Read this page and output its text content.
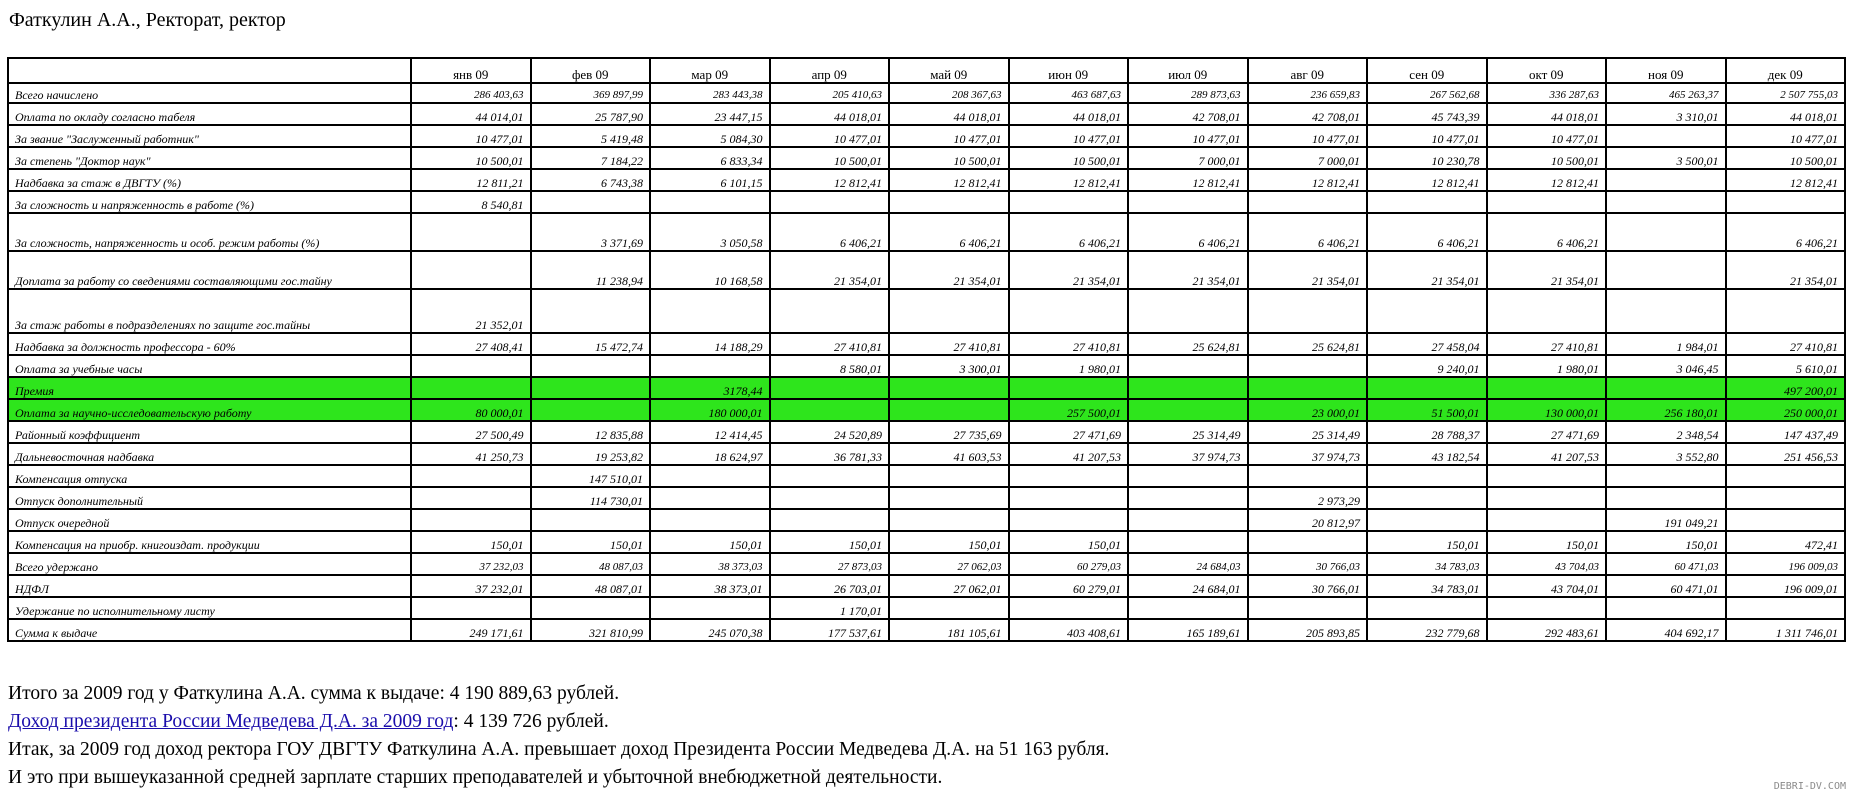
Фаткулин А.А., Ректорат, ректор
	янв 09	фев 09	мар 09	апр 09	май 09	июн 09	июл 09	авг 09	сен 09	окт 09	ноя 09	дек 09
Всего начислено	286 403,63	369 897,99	283 443,38	205 410,63	208 367,63	463 687,63	289 873,63	236 659,83	267 562,68	336 287,63	465 263,37	2 507 755,03
Оплата по окладу согласно табеля	44 014,01	25 787,90	23 447,15	44 018,01	44 018,01	44 018,01	42 708,01	42 708,01	45 743,39	44 018,01	3 310,01	44 018,01
За звание "Заслуженный работник"	10 477,01	5 419,48	5 084,30	10 477,01	10 477,01	10 477,01	10 477,01	10 477,01	10 477,01	10 477,01		10 477,01
За степень "Доктор наук"	10 500,01	7 184,22	6 833,34	10 500,01	10 500,01	10 500,01	7 000,01	7 000,01	10 230,78	10 500,01	3 500,01	10 500,01
Надбавка за стаж в ДВГТУ (%)	12 811,21	6 743,38	6 101,15	12 812,41	12 812,41	12 812,41	12 812,41	12 812,41	12 812,41	12 812,41		12 812,41
За сложность и напряженность в работе (%)	8 540,81											
За сложность, напряженность и особ. режим работы (%)		3 371,69	3 050,58	6 406,21	6 406,21	6 406,21	6 406,21	6 406,21	6 406,21	6 406,21		6 406,21
Доплата за работу со сведениями составляющими гос.тайну		11 238,94	10 168,58	21 354,01	21 354,01	21 354,01	21 354,01	21 354,01	21 354,01	21 354,01		21 354,01
За стаж работы в подразделениях по защите гос.тайны	21 352,01											
Надбавка за должность профессора - 60%	27 408,41	15 472,74	14 188,29	27 410,81	27 410,81	27 410,81	25 624,81	25 624,81	27 458,04	27 410,81	1 984,01	27 410,81
Оплата за учебные часы				8 580,01	3 300,01	1 980,01			9 240,01	1 980,01	3 046,45	5 610,01
Премия			3178,44									497 200,01
Оплата за научно-исследовательскую работу	80 000,01		180 000,01			257 500,01		23 000,01	51 500,01	130 000,01	256 180,01	250 000,01
Районный коэффициент	27 500,49	12 835,88	12 414,45	24 520,89	27 735,69	27 471,69	25 314,49	25 314,49	28 788,37	27 471,69	2 348,54	147 437,49
Дальневосточная надбавка	41 250,73	19 253,82	18 624,97	36 781,33	41 603,53	41 207,53	37 974,73	37 974,73	43 182,54	41 207,53	3 552,80	251 456,53
Компенсация отпуска		147 510,01										
Отпуск дополнительный		114 730,01						2 973,29				
Отпуск очередной								20 812,97			191 049,21	
Компенсация на приобр. книгоиздат. продукции	150,01	150,01	150,01	150,01	150,01	150,01			150,01	150,01	150,01	472,41
Всего удержано	37 232,03	48 087,03	38 373,03	27 873,03	27 062,03	60 279,03	24 684,03	30 766,03	34 783,03	43 704,03	60 471,03	196 009,03
НДФЛ	37 232,01	48 087,01	38 373,01	26 703,01	27 062,01	60 279,01	24 684,01	30 766,01	34 783,01	43 704,01	60 471,01	196 009,01
Удержание по исполнительному листу				1 170,01								
Сумма к выдаче	249 171,61	321 810,99	245 070,38	177 537,61	181 105,61	403 408,61	165 189,61	205 893,85	232 779,68	292 483,61	404 692,17	1 311 746,01
Итого за 2009 год у Фаткулина А.А. сумма к выдаче: 4 190 889,63 рублей.
Доход президента России Медведева Д.А. за 2009 год: 4 139 726 рублей.
Итак, за 2009 год доход ректора ГОУ ДВГТУ Фаткулина А.А. превышает доход Президента России Медведева Д.А. на 51 163 рубля.
И это при вышеуказанной средней зарплате старших преподавателей и убыточной внебюджетной деятельности.	DEBRI-DV.COM
